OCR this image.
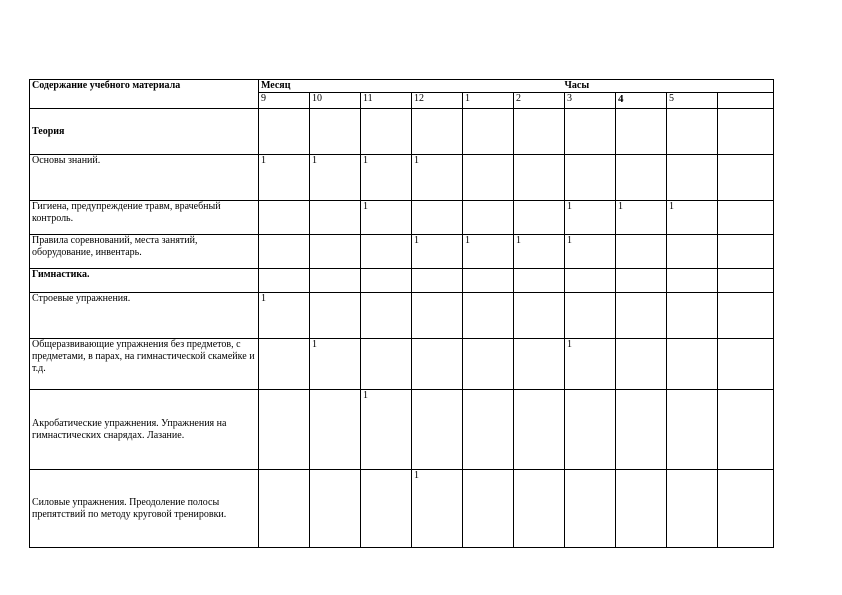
Содержание учебного материала	Месяц Часы									

	9	10	11	12	1	2	3	4	5	
Теория										
Основы знаний.	1	1	1	1						
Гигиена, предупреждение травм, врачебный контроль.			1				1	1	1	
Правила соревнований, места занятий, оборудование, инвентарь.				1	1	1	1			
Гимнастика.										
Строевые упражнения.	1									
Общеразвивающие упражнения без предметов, с предметами, в парах, на гимнастической скамейке и т.д.		1					1			
Акробатические упражнения. Упражнения на гимнастических снарядах. Лазание.			1							
Силовые упражнения. Преодоление полосы препятствий по методу круговой тренировки.				1						
